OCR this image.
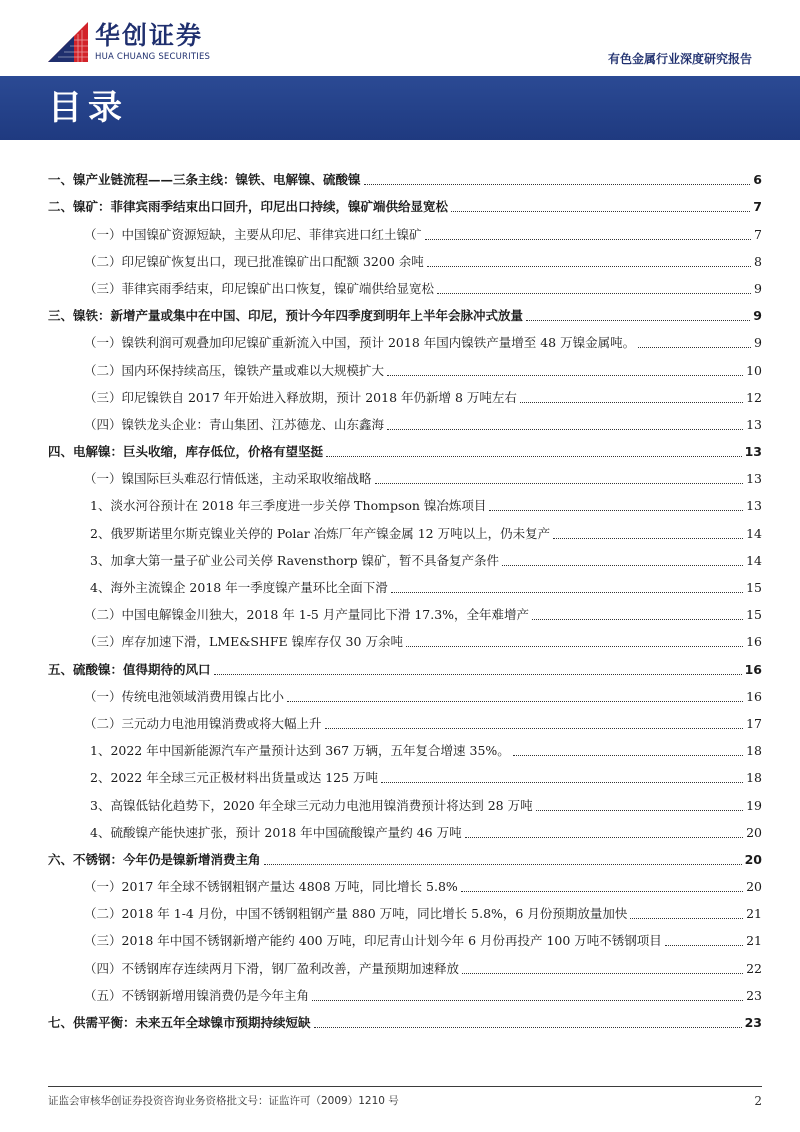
华创证券
HUA CHUANG SECURITIES	有色金属行业深度研究报告
目录
一、镍产业链流程——三条主线：镍铁、电解镍、硫酸镍	6
二、镍矿：菲律宾雨季结束出口回升，印尼出口持续，镍矿端供给显宽松	7
（一）中国镍矿资源短缺，主要从印尼、菲律宾进口红土镍矿	7
（二）印尼镍矿恢复出口，现已批准镍矿出口配额 3200 余吨	8
（三）菲律宾雨季结束，印尼镍矿出口恢复，镍矿端供给显宽松	9
三、镍铁：新增产量或集中在中国、印尼，预计今年四季度到明年上半年会脉冲式放量	9
（一）镍铁利润可观叠加印尼镍矿重新流入中国，预计 2018 年国内镍铁产量增至 48 万镍金属吨。	9
（二）国内环保持续高压，镍铁产量或难以大规模扩大	10
（三）印尼镍铁自 2017 年开始进入释放期，预计 2018 年仍新增 8 万吨左右	12
（四）镍铁龙头企业：青山集团、江苏德龙、山东鑫海	13
四、电解镍：巨头收缩，库存低位，价格有望坚挺	13
（一）镍国际巨头难忍行情低迷，主动采取收缩战略	13
1、淡水河谷预计在 2018 年三季度进一步关停 Thompson 镍冶炼项目	13
2、俄罗斯诺里尔斯克镍业关停的 Polar 冶炼厂年产镍金属 12 万吨以上，仍未复产	14
3、加拿大第一量子矿业公司关停 Ravensthorp 镍矿，暂不具备复产条件	14
4、海外主流镍企 2018 年一季度镍产量环比全面下滑	15
（二）中国电解镍金川独大，2018 年 1-5 月产量同比下滑 17.3%，全年难增产	15
（三）库存加速下滑，LME&SHFE 镍库存仅 30 万余吨	16
五、硫酸镍：值得期待的风口	16
（一）传统电池领域消费用镍占比小	16
（二）三元动力电池用镍消费或将大幅上升	17
1、2022 年中国新能源汽车产量预计达到 367 万辆，五年复合增速 35%。	18
2、2022 年全球三元正极材料出货量或达 125 万吨	18
3、高镍低钴化趋势下，2020 年全球三元动力电池用镍消费预计将达到 28 万吨	19
4、硫酸镍产能快速扩张，预计 2018 年中国硫酸镍产量约 46 万吨	20
六、不锈钢：今年仍是镍新增消费主角	20
（一）2017 年全球不锈钢粗钢产量达 4808 万吨，同比增长 5.8%	20
（二）2018 年 1-4 月份，中国不锈钢粗钢产量 880 万吨，同比增长 5.8%，6 月份预期放量加快	21
（三）2018 年中国不锈钢新增产能约 400 万吨，印尼青山计划今年 6 月份再投产 100 万吨不锈钢项目	21
（四）不锈钢库存连续两月下滑，钢厂盈利改善，产量预期加速释放	22
（五）不锈钢新增用镍消费仍是今年主角	23
七、供需平衡：未来五年全球镍市预期持续短缺	23
证监会审核华创证券投资咨询业务资格批文号：证监许可（2009）1210 号	2
